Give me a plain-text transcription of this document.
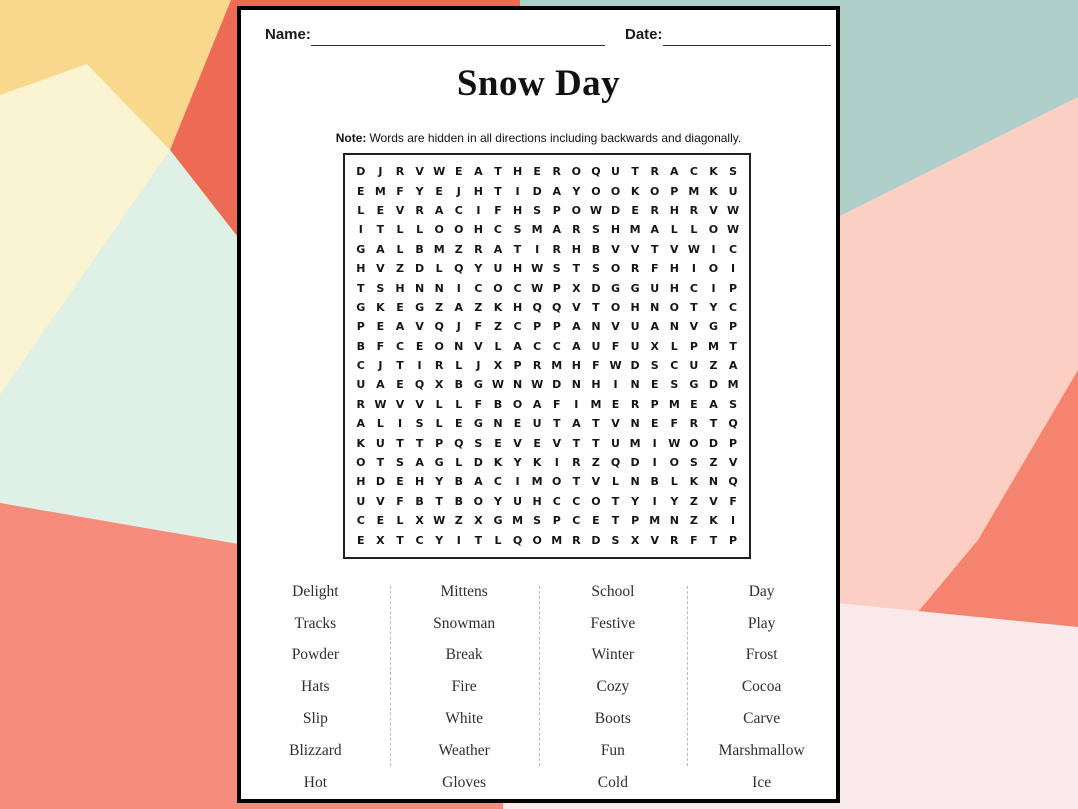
Name:	Date:
Snow Day
Note: Words are hidden in all directions including backwards and diagonally.
D	J	R	V W E	A	T	H	E	R O Q U	T	R	A	C	K	S
E M F	Y	E	J	H	T	I	D A	Y O O K O P M K U
L	E	V	R	A	C	I	F	H	S	P O W D	E	R H R	V W
I	T	L	L	O O H C	S M A	R	S	H M A	L	L	O W
G A	L	B M Z	R	A	T	I	R H B	V	V	T	V W	I	C
H V	Z	D	L	Q Y	U H W S	T	S O R	F	H	I	O	I
T	S	H N N	I	C O C W P	X D G G U H C	I	P
G K	E	G	Z	A	Z	K H Q Q V	T	O H N O	T	Y	C
P	E	A	V Q	J	F	Z	C	P	P	A N V U A N V G	P
B	F	C	E	O N V	L	A	C	C	A U	F	U X	L	P M T
C	J	T	I	R	L	J	X	P	R M H	F W D	S	C	U	Z	A
U A	E	Q X	B G W N W D N H	I	N	E	S	G D M
R W V	V	L	L	F	B O A	F	I	M E	R	P M E	A	S
A	L	I	S	L	E	G N	E	U	T	A	T	V N	E	F	R	T	Q
K U	T	T	P Q S	E	V	E	V	T	T	U M	I	W O D	P
O	T	S	A G	L	D K	Y	K	I	R	Z Q D	I	O S	Z	V
H D	E	H	Y	B	A	C	I	M O	T	V	L	N B	L	K N Q
U V	F	B	T	B O Y	U H C	C O	T	Y	I	Y	Z	V	F
C	E	L	X W Z	X G M S	P	C	E	T	P M N Z	K	I
E	X	T	C	Y	I	T	L	Q O M R D	S	X	V	R	F	T	P
Delight	Mittens	School	Day
Tracks	Snowman	Festive	Play
Powder	Break	Winter	Frost
Hats	Fire	Cozy	Cocoa
Slip	White	Boots	Carve
Blizzard	Weather	Fun	Marshmallow
Hot	Gloves	Cold	Ice
